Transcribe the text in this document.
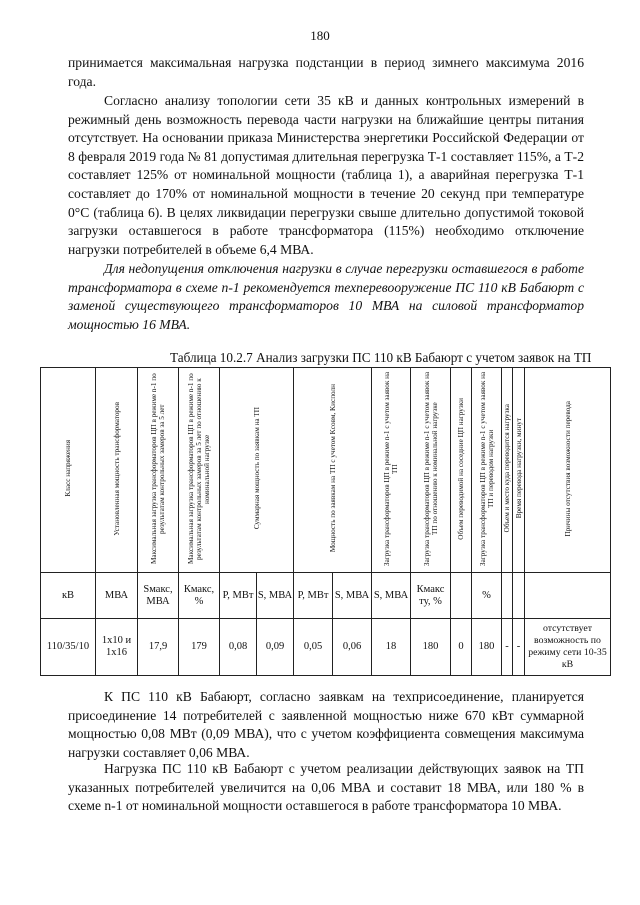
180

принимается максимальная нагрузка подстанции в период зимнего максимума 2016 года.

Согласно анализу топологии сети 35 кВ и данных контрольных измерений в режимный день возможность перевода части нагрузки на ближайшие центры питания отсутствует. На основании приказа Министерства энергетики Российской Федерации от 8 февраля 2019 года № 81 допустимая длительная перегрузка Т-1 составляет 115%, а Т-2 составляет 125% от номинальной мощности (таблица 1), а аварийная перегрузка Т-1 составляет до 170% от номинальной мощности в течение 20 секунд при температуре 0°С (таблица 6). В целях ликвидации перегрузки свыше длительно допустимой токовой загрузки оставшегося в работе трансформатора (115%) необходимо отключение нагрузки потребителей в объеме 6,4 МВА.

Для недопущения отключения нагрузки в случае перегрузки оставшегося в работе трансформатора в схеме n-1 рекомендуется техперевооружение ПС 110 кВ Бабаюрт с заменой существующего трансформаторов 10 МВА на силовой трансформатор мощностью 16 МВА.

Таблица 10.2.7 Анализ загрузки ПС 110 кВ Бабаюрт с учетом заявок на ТП
Класс напряжения	Установленная мощность трансформаторов	Максимальная загрузка трансформаторов ЦП в режиме n-1 по результатам контрольных замеров за 5 лет	Максимальная загрузка трансформаторов ЦП в режиме n-1 по результатам контрольных замеров за 5 лет по отношению к номинальной нагрузке	Суммарная мощность по заявкам на ТП		Мощность по заявкам на ТП с учетом Kсовм, Kисполн		Загрузка трансформаторов ЦП в режиме n-1 с учетом заявок на ТП	Загрузка трансформаторов ЦП в режиме n-1 с учетом заявок на ТП по отношению к номинальной нагрузке	Объем переводимой на соседние ЦП нагрузки	Загрузка трансформаторов ЦП в режиме n-1 с учетом заявок на ТП и переводом нагрузки	Объем и место куда переводится нагрузка	Время перевода нагрузки, минут	Причины отсутствия возможности перевода
кВ	МВА	Sмакс, МВА	Кмакс, %	P, МВт	S, МВА	P, МВт	S, МВА	S, МВА	Кмакс ту, %		%			
110/35/10	1x10 и 1x16	17,9	179	0,08	0,09	0,05	0,06	18	180	0	180	-	-	отсутствует возможность по режиму сети 10-35 кВ

К ПС 110 кВ Бабаюрт, согласно заявкам на техприсоединение, планируется присоединение 14 потребителей с заявленной мощностью ниже 670 кВт суммарной мощностью 0,08 МВт (0,09 МВА), что с учетом коэффициента совмещения максимума нагрузки составляет 0,06 МВА.

Нагрузка ПС 110 кВ Бабаюрт с учетом реализации действующих заявок на ТП указанных потребителей увеличится на 0,06 МВА и составит 18 МВА, или 180 % в схеме n-1 от номинальной мощности оставшегося в работе трансформатора 10 МВА.
